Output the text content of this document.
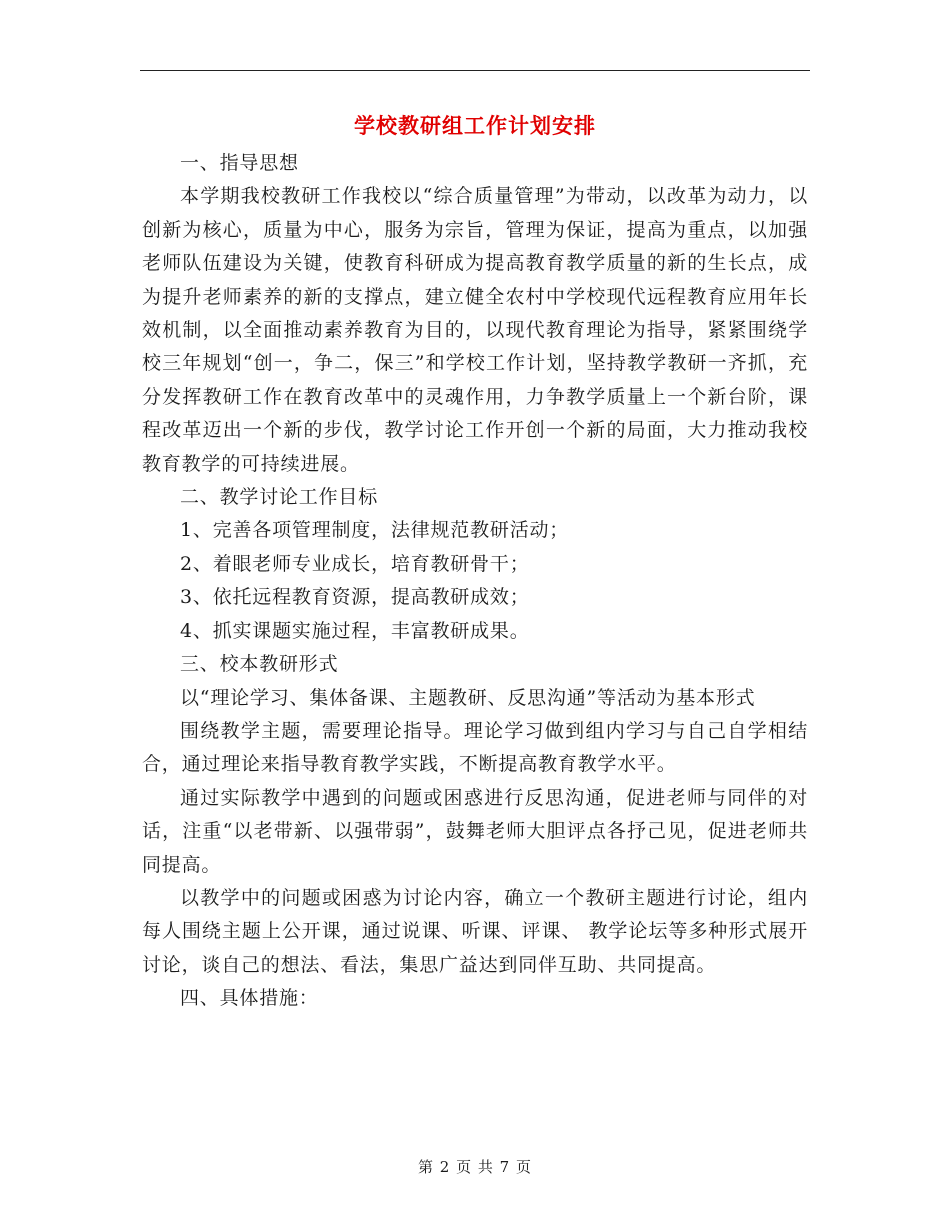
学校教研组工作计划安排

一、指导思想

本学期我校教研工作我校以“综合质量管理”为带动，以改革为动力，以创新为核心，质量为中心，服务为宗旨，管理为保证，提高为重点，以加强老师队伍建设为关键，使教育科研成为提高教育教学质量的新的生长点，成为提升老师素养的新的支撑点，建立健全农村中学校现代远程教育应用年长效机制，以全面推动素养教育为目的，以现代教育理论为指导，紧紧围绕学校三年规划“创一，争二，保三”和学校工作计划，坚持教学教研一齐抓，充分发挥教研工作在教育改革中的灵魂作用，力争教学质量上一个新台阶，课程改革迈出一个新的步伐，教学讨论工作开创一个新的局面，大力推动我校教育教学的可持续进展。

二、教学讨论工作目标

1、完善各项管理制度，法律规范教研活动；

2、着眼老师专业成长，培育教研骨干；

3、依托远程教育资源，提高教研成效；

4、抓实课题实施过程，丰富教研成果。

三、校本教研形式

以“理论学习、集体备课、主题教研、反思沟通”等活动为基本形式

围绕教学主题，需要理论指导。理论学习做到组内学习与自己自学相结合，通过理论来指导教育教学实践，不断提高教育教学水平。

通过实际教学中遇到的问题或困惑进行反思沟通，促进老师与同伴的对话，注重“以老带新、以强带弱”，鼓舞老师大胆评点各抒己见，促进老师共同提高。

以教学中的问题或困惑为讨论内容，确立一个教研主题进行讨论，组内每人围绕主题上公开课，通过说课、听课、评课、 教学论坛等多种形式展开讨论，谈自己的想法、看法，集思广益达到同伴互助、共同提高。

四、具体措施：

第 2 页 共 7 页
